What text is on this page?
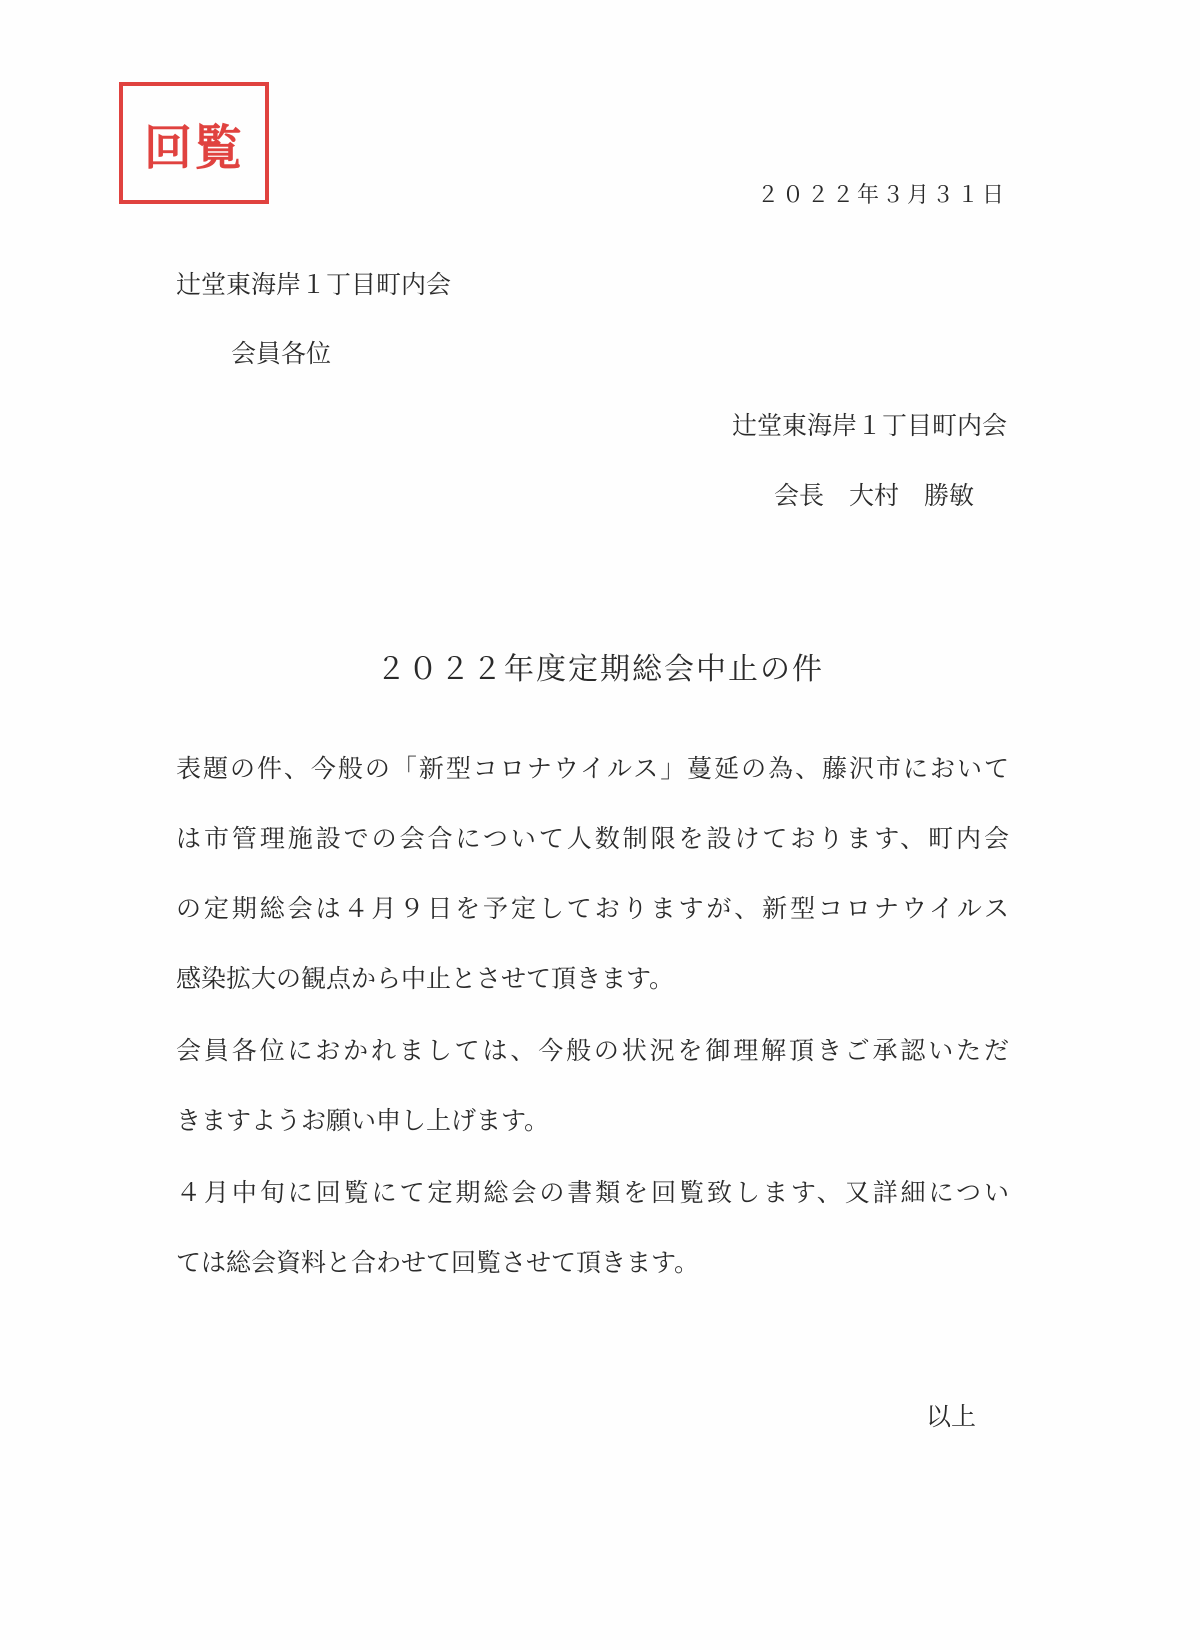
回覧
２０２２年３月３１日
辻堂東海岸１丁目町内会
会員各位
辻堂東海岸１丁目町内会
会長　大村　勝敏
２０２２年度定期総会中止の件
表題の件、今般の「新型コロナウイルス」蔓延の為、藤沢市において
は市管理施設での会合について人数制限を設けております、町内会
の定期総会は４月９日を予定しておりますが、新型コロナウイルス
感染拡大の観点から中止とさせて頂きます。
会員各位におかれましては、今般の状況を御理解頂きご承認いただ
きますようお願い申し上げます。
４月中旬に回覧にて定期総会の書類を回覧致します、又詳細につい
ては総会資料と合わせて回覧させて頂きます。
以上
